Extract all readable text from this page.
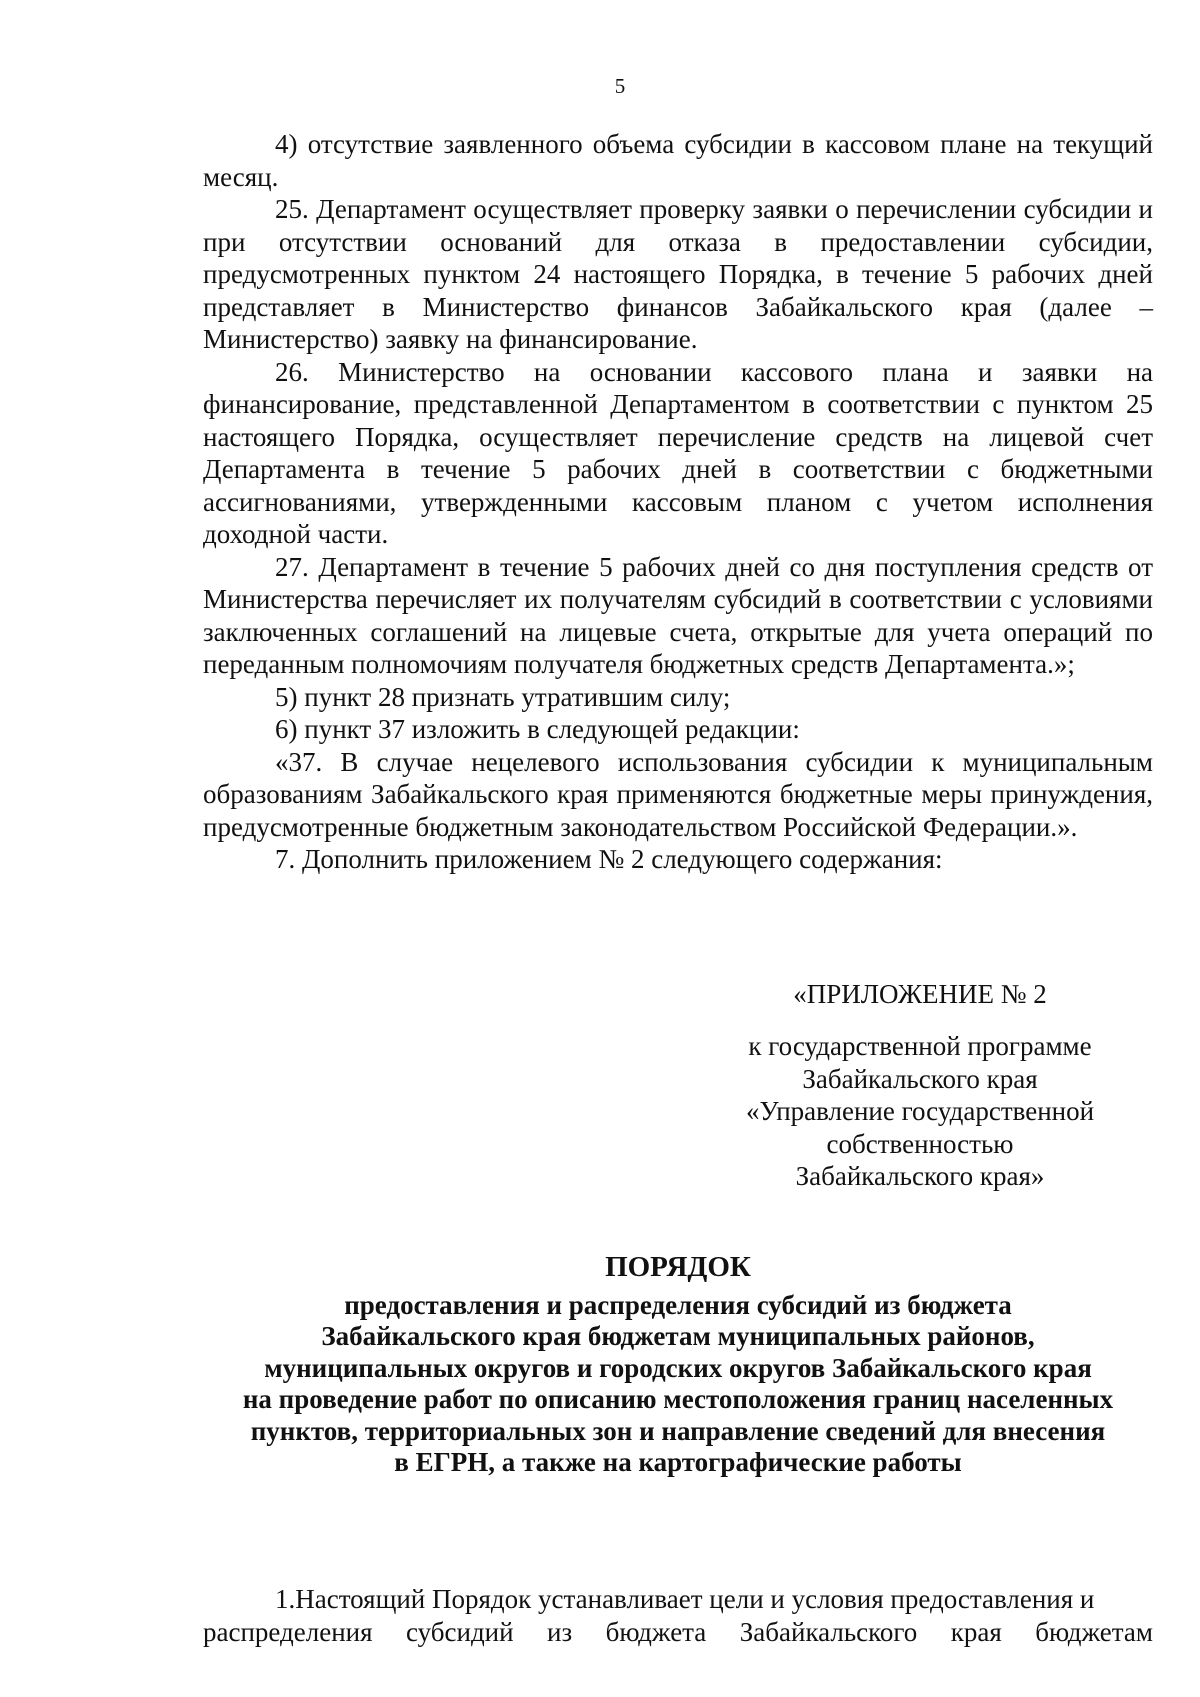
5

4) отсутствие заявленного объема субсидии в кассовом плане на текущий месяц.

25. Департамент осуществляет проверку заявки о перечислении субсидии и при отсутствии оснований для отказа в предоставлении субсидии, предусмотренных пунктом 24 настоящего Порядка, в течение 5 рабочих дней представляет в Министерство финансов Забайкальского края (далее – Министерство) заявку на финансирование.

26. Министерство на основании кассового плана и заявки на финансирование, представленной Департаментом в соответствии с пунктом 25 настоящего Порядка, осуществляет перечисление средств на лицевой счет Департамента в течение 5 рабочих дней в соответствии с бюджетными ассигнованиями, утвержденными кассовым планом с учетом исполнения доходной части.

27. Департамент в течение 5 рабочих дней со дня поступления средств от Министерства перечисляет их получателям субсидий в соответствии с условиями заключенных соглашений на лицевые счета, открытые для учета операций по переданным полномочиям получателя бюджетных средств Департамента.»;

5) пункт 28 признать утратившим силу;

6) пункт 37 изложить в следующей редакции:

«37. В случае нецелевого использования субсидии к муниципальным образованиям Забайкальского края применяются бюджетные меры принуждения, предусмотренные бюджетным законодательством Российской Федерации.».

7. Дополнить приложением № 2 следующего содержания:

«ПРИЛОЖЕНИЕ № 2
к государственной программе
Забайкальского края
«Управление государственной
собственностью
Забайкальского края»
ПОРЯДОК
предоставления и распределения субсидий из бюджета
Забайкальского края бюджетам муниципальных районов,
муниципальных округов и городских округов Забайкальского края
на проведение работ по описанию местоположения границ населенных
пунктов, территориальных зон и направление сведений для внесения
в ЕГРН, а также на картографические работы

1.Настоящий Порядок устанавливает цели и условия предоставления и

распределения субсидий из бюджета Забайкальского края бюджетам
